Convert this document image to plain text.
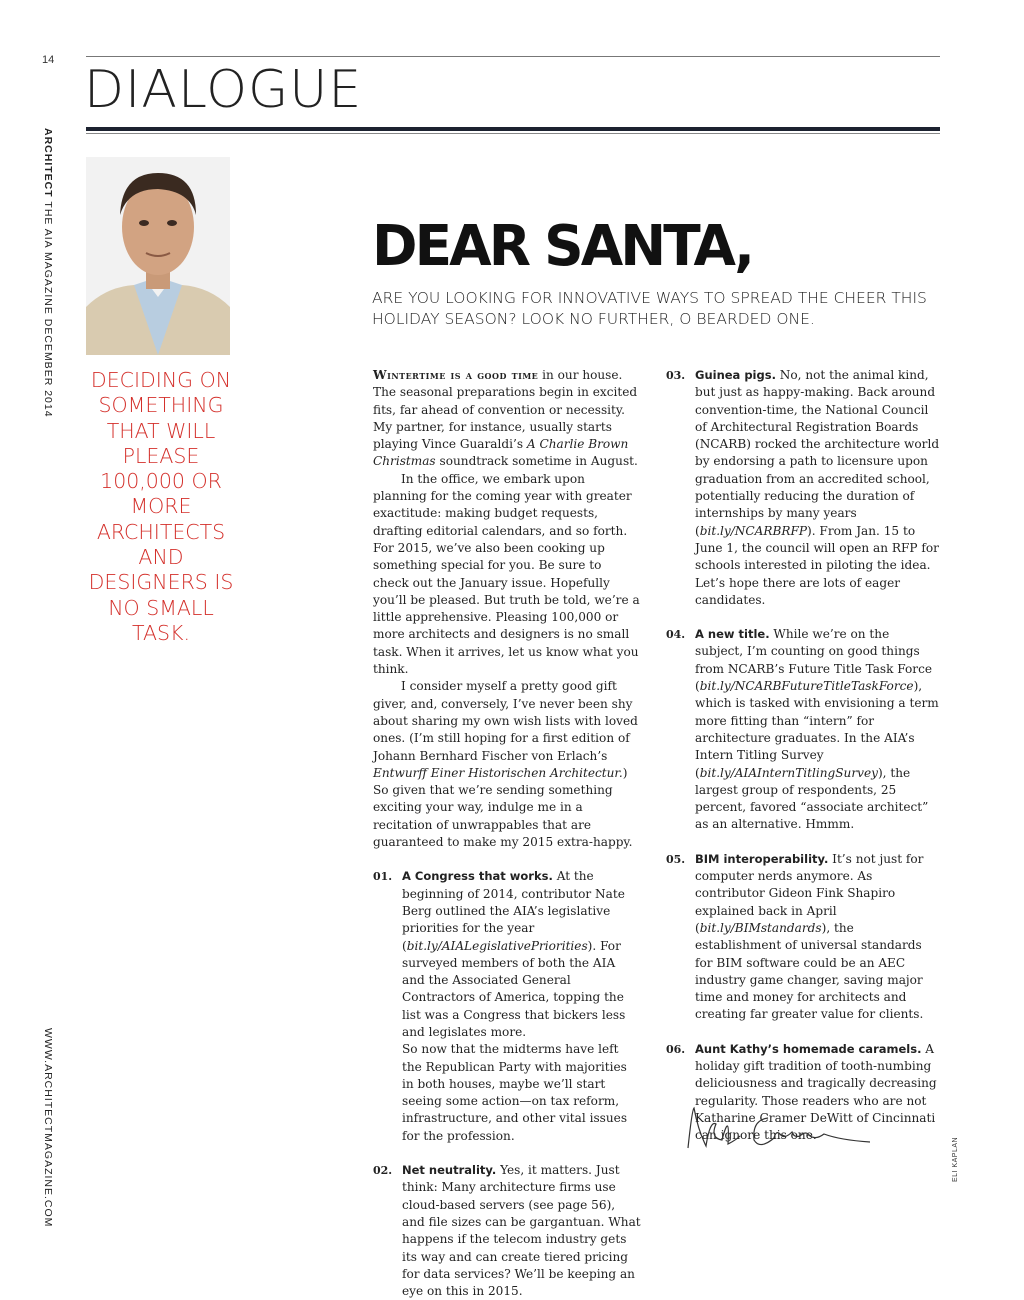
14 DIALOGUE
ARCHITECT THE AIA MAGAZINE DECEMBER 2014
WWW.ARCHITECTMAGAZINE.COM
DECIDING ON SOMETHING THAT WILL PLEASE 100,000 OR MORE ARCHITECTS AND DESIGNERS IS NO SMALL TASK.
DEAR SANTA,
ARE YOU LOOKING FOR INNOVATIVE WAYS TO SPREAD THE CHEER THIS HOLIDAY SEASON? LOOK NO FURTHER, O BEARDED ONE.

Wintertime is a good time in our house. The seasonal preparations begin in excited fits, far ahead of convention or necessity. My partner, for instance, usually starts playing Vince Guaraldi’s A Charlie Brown Christmas soundtrack sometime in August.

In the office, we embark upon planning for the coming year with greater exactitude: making budget requests, drafting editorial calendars, and so forth. For 2015, we’ve also been cooking up something special for you. Be sure to check out the January issue. Hopefully you’ll be pleased. But truth be told, we’re a little apprehensive. Pleasing 100,000 or more architects and designers is no small task. When it arrives, let us know what you think.

I consider myself a pretty good gift giver, and, conversely, I’ve never been shy about sharing my own wish lists with loved ones. (I’m still hoping for a first edition of Johann Bernhard Fischer von Erlach’s Entwurff Einer Historischen Architectur.) So given that we’re sending something exciting your way, indulge me in a recitation of unwrappables that are guaranteed to make my 2015 extra-happy.

01. A Congress that works. At the beginning of 2014, contributor Nate Berg outlined the AIA’s legislative priorities for the year (bit.ly/AIALegislativePriorities). For surveyed members of both the AIA and the Associated General Contractors of America, topping the list was a Congress that bickers less and legislates more.

So now that the midterms have left the Republican Party with majorities in both houses, maybe we’ll start seeing some action—on tax reform, infrastructure, and other vital issues for the profession.

02. Net neutrality. Yes, it matters. Just think: Many architecture firms use cloud-based servers (see page 56), and file sizes can be gargantuan. What happens if the telecom industry gets its way and can create tiered pricing for data services? We’ll be keeping an eye on this in 2015.

03. Guinea pigs. No, not the animal kind, but just as happy-making. Back around convention-time, the National Council of Architectural Registration Boards (NCARB) rocked the architecture world by endorsing a path to licensure upon graduation from an accredited school, potentially reducing the duration of internships by many years (bit.ly/NCARBRFP). From Jan. 15 to June 1, the council will open an RFP for schools interested in piloting the idea. Let’s hope there are lots of eager candidates.

04. A new title. While we’re on the subject, I’m counting on good things from NCARB’s Future Title Task Force (bit.ly/NCARBFutureTitleTaskForce), which is tasked with envisioning a term more fitting than “intern” for architecture graduates. In the AIA’s Intern Titling Survey (bit.ly/AIAInternTitlingSurvey), the largest group of respondents, 25 percent, favored “associate architect” as an alternative. Hmmm.

05. BIM interoperability. It’s not just for computer nerds anymore. As contributor Gideon Fink Shapiro explained back in April (bit.ly/BIMstandards), the establishment of universal standards for BIM software could be an AEC industry game changer, saving major time and money for architects and creating far greater value for clients.

06. Aunt Kathy’s homemade caramels. A holiday gift tradition of tooth-numbing deliciousness and tragically decreasing regularity. Those readers who are not Katharine Cramer DeWitt of Cincinnati can ignore this one.

ELI KAPLAN
